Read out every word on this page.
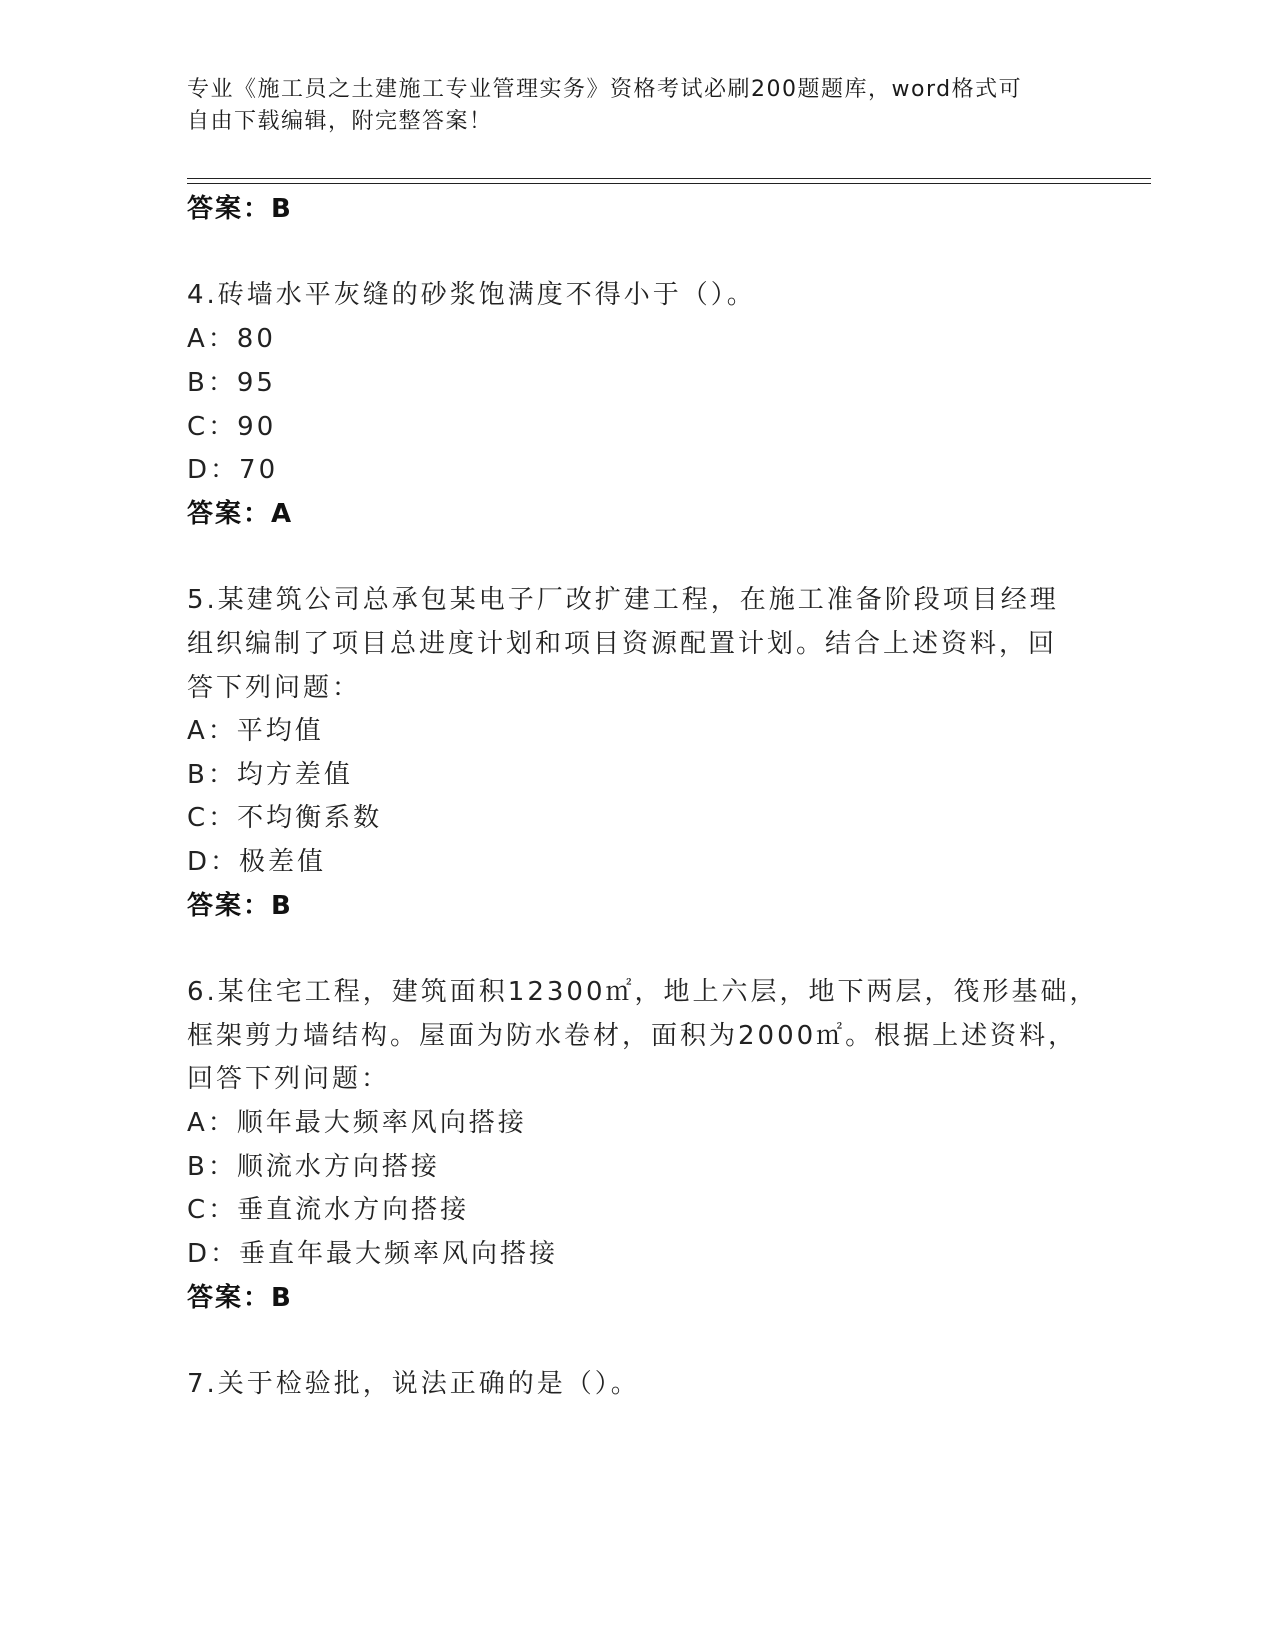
专业《施工员之土建施工专业管理实务》资格考试必刷200题题库，word格式可

自由下载编辑，附完整答案！

答案：B
4.砖墙水平灰缝的砂浆饱满度不得小于（）。
A：80
B：95
C：90
D：70
答案：A
5.某建筑公司总承包某电子厂改扩建工程，在施工准备阶段项目经理
组织编制了项目总进度计划和项目资源配置计划。结合上述资料，回
答下列问题：
A：平均值
B：均方差值
C：不均衡系数
D：极差值
答案：B
6.某住宅工程，建筑面积12300㎡，地上六层，地下两层，筏形基础，
框架剪力墙结构。屋面为防水卷材，面积为2000㎡。根据上述资料，
回答下列问题：
A：顺年最大频率风向搭接
B：顺流水方向搭接
C：垂直流水方向搭接
D：垂直年最大频率风向搭接
答案：B
7.关于检验批，说法正确的是（）。
